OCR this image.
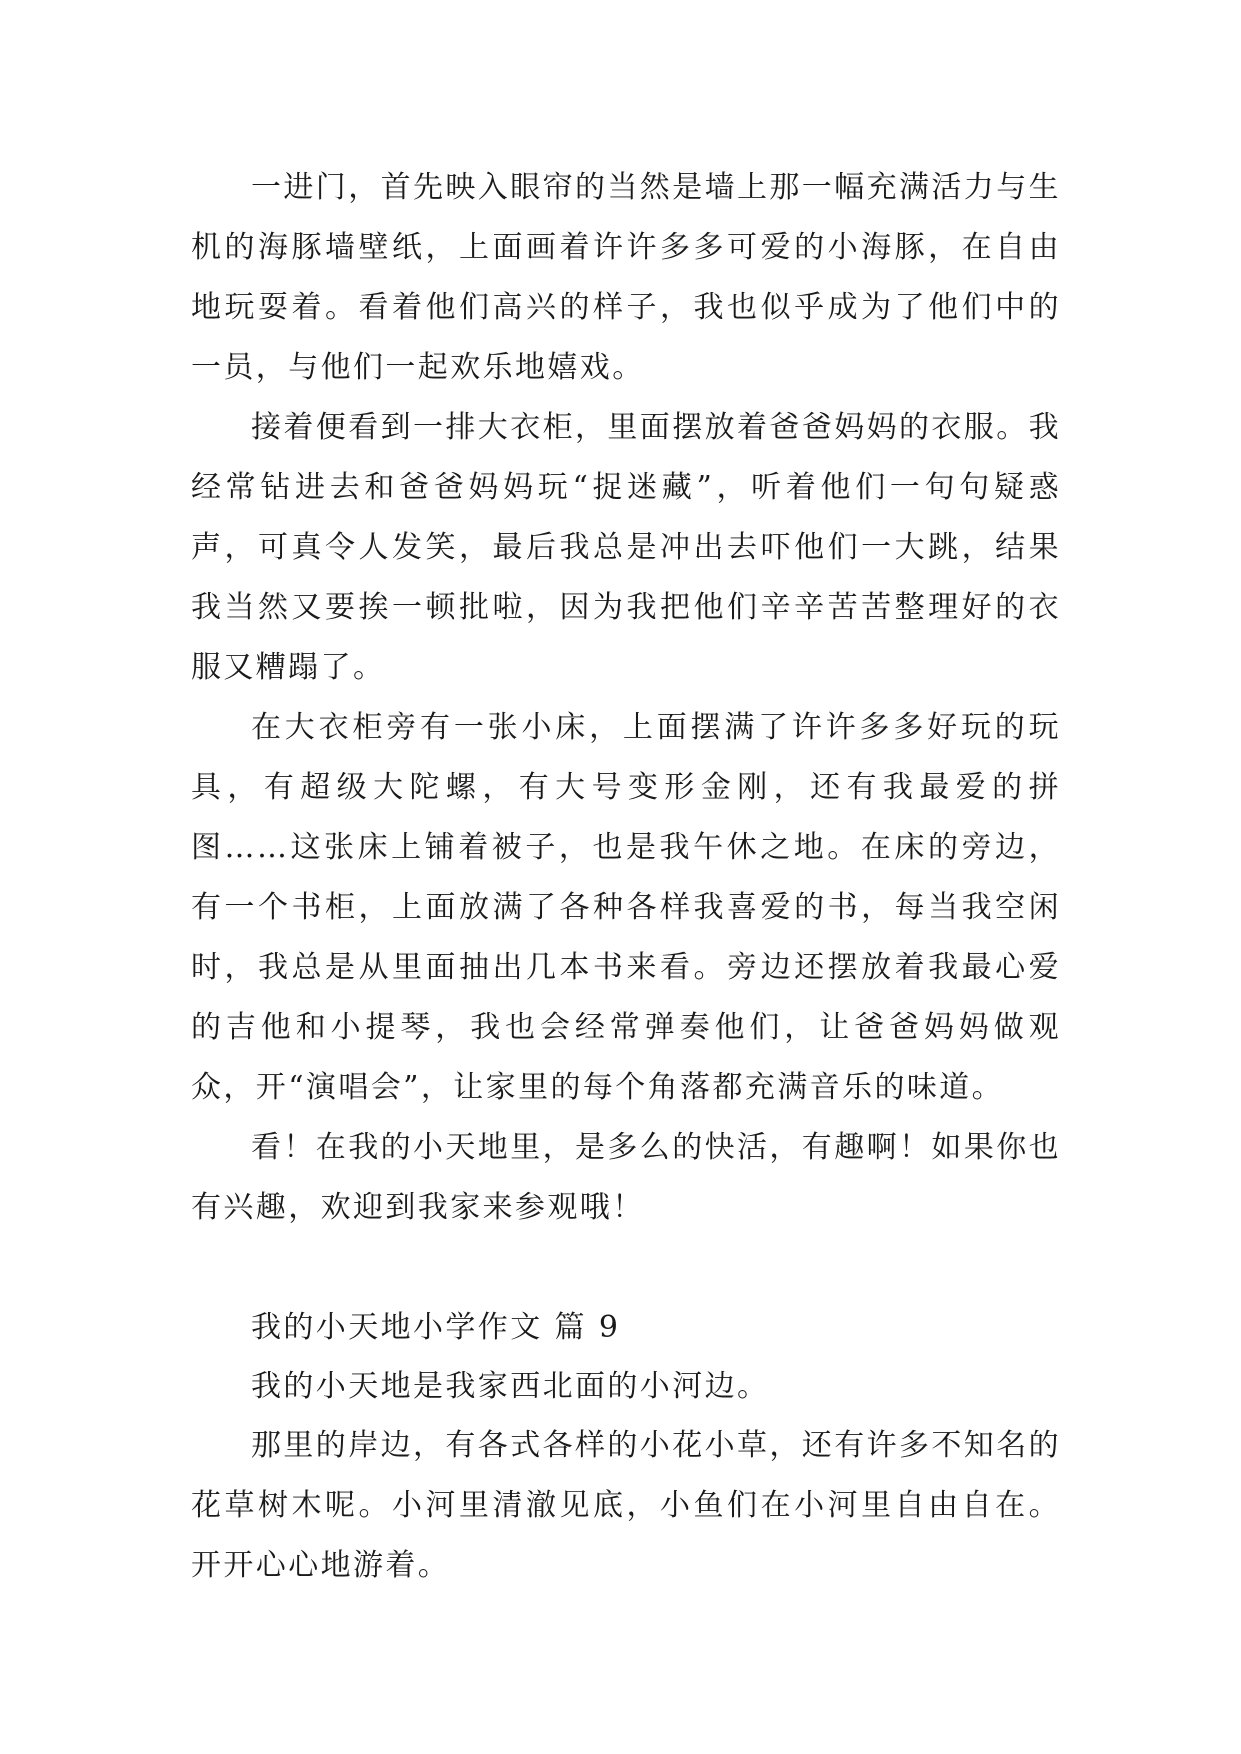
一进门，首先映入眼帘的当然是墙上那一幅充满活力与生机的海豚墙壁纸，上面画着许许多多可爱的小海豚，在自由地玩耍着。看着他们高兴的样子，我也似乎成为了他们中的一员，与他们一起欢乐地嬉戏。

接着便看到一排大衣柜，里面摆放着爸爸妈妈的衣服。我经常钻进去和爸爸妈妈玩“捉迷藏”，听着他们一句句疑惑声，可真令人发笑，最后我总是冲出去吓他们一大跳，结果我当然又要挨一顿批啦，因为我把他们辛辛苦苦整理好的衣服又糟蹋了。

在大衣柜旁有一张小床，上面摆满了许许多多好玩的玩具，有超级大陀螺，有大号变形金刚，还有我最爱的拼图……这张床上铺着被子，也是我午休之地。在床的旁边，有一个书柜，上面放满了各种各样我喜爱的书，每当我空闲时，我总是从里面抽出几本书来看。旁边还摆放着我最心爱的吉他和小提琴，我也会经常弹奏他们，让爸爸妈妈做观众，开“演唱会”，让家里的每个角落都充满音乐的味道。

看！在我的小天地里，是多么的快活，有趣啊！如果你也有兴趣，欢迎到我家来参观哦！

我的小天地小学作文 篇 9

我的小天地是我家西北面的小河边。

那里的岸边，有各式各样的小花小草，还有许多不知名的花草树木呢。小河里清澈见底，小鱼们在小河里自由自在。开开心心地游着。
